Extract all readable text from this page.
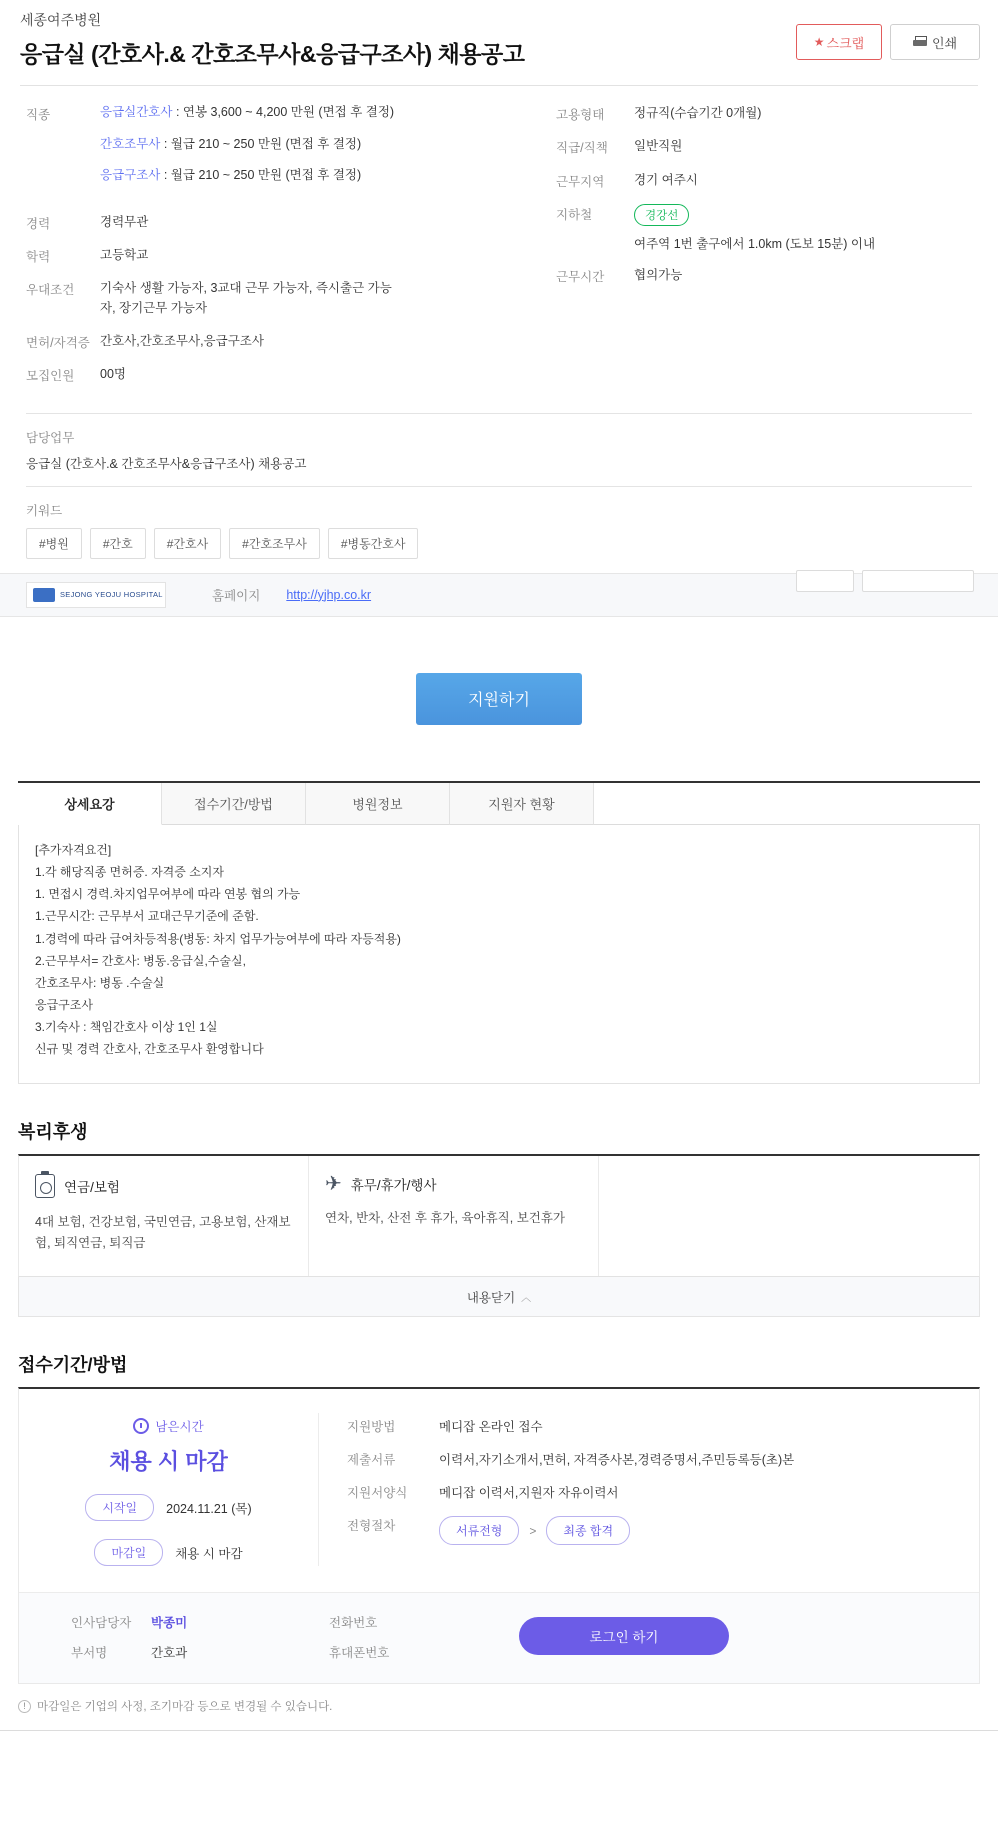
세종여주병원
응급실 (간호사.& 간호조무사&응급구조사) 채용공고	★ 스크랩	인쇄
직종	응급실간호사 : 연봉 3,600 ~ 4,200 만원 (면접 후 결정)
간호조무사 : 월급 210 ~ 250 만원 (면접 후 결정)
응급구조사 : 월급 210 ~ 250 만원 (면접 후 결정)
경력	경력무관
학력	고등학교
우대조건	기숙사 생활 가능자, 3교대 근무 가능자, 즉시출근 가능자, 장기근무 가능자
면허/자격증 간호사,간호조무사,응급구조사
모집인원	00명
고용형태	정규직(수습기간 0개월)
직급/직책	일반직원
근무지역	경기 여주시
지하철	경강선
여주역 1번 출구에서 1.0km (도보 15분) 이내
근무시간	협의가능
담당업무
응급실 (간호사.& 간호조무사&응급구조사) 채용공고
키워드
#병원	#간호	#간호사	#간호조무사	#병동간호사
SEJONG YEOJU HOSPITAL	홈페이지 http://yjhp.co.kr
지원하기
상세요강	접수기간/방법	병원정보	지원자 현황
[추가자격요건]
1.각 해당직종 면허증. 자격증 소지자
1. 면접시 경력.차지업무여부에 따라 연봉 협의 가능
1.근무시간: 근무부서 교대근무기준에 준함.
1.경력에 따라 급여차등적용(병동: 차지 업무가능여부에 따라 자등적용)
2.근무부서= 간호사: 병동.응급실,수술실,
간호조무사: 병동 .수술실
응급구조사
3.기숙사 : 책임간호사 이상 1인 1실
신규 및 경력 간호사, 간호조무사 환영합니다
복리후생
연금/보험
4대 보험, 건강보험, 국민연금, 고용보험, 산재보험, 퇴직연금, 퇴직금
✈ 휴무/휴가/행사
연차, 반차, 산전 후 휴가, 육아휴직, 보건휴가
내용닫기 ︿
접수기간/방법
남은시간
채용 시 마감
시작일	2024.11.21 (목)
마감일	채용 시 마감
지원방법	메디잡 온라인 접수
제출서류	이력서,자기소개서,면허, 자격증사본,경력증명서,주민등록등(초)본
지원서양식	메디잡 이력서,지원자 자유이력서
전형절차	서류전형	>	최종 합격
인사담당자	박종미
부서명	간호과
전화번호
휴대폰번호
로그인 하기
! 마감일은 기업의 사정, 조기마감 등으로 변경될 수 있습니다.
